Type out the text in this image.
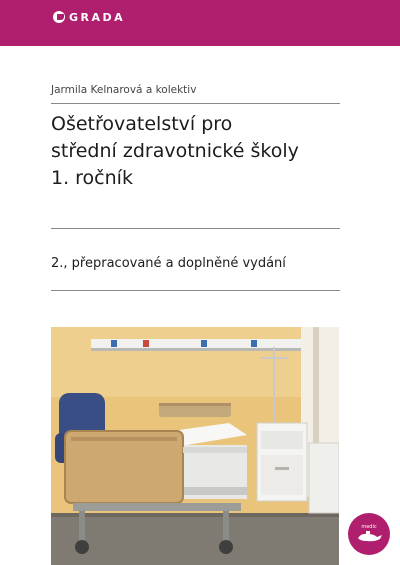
GRADA
Jarmila Kelnarová a kolektiv
Ošetřovatelství pro
střední zdravotnické školy
1. ročník
2., přepracované a doplněné vydání
medic
